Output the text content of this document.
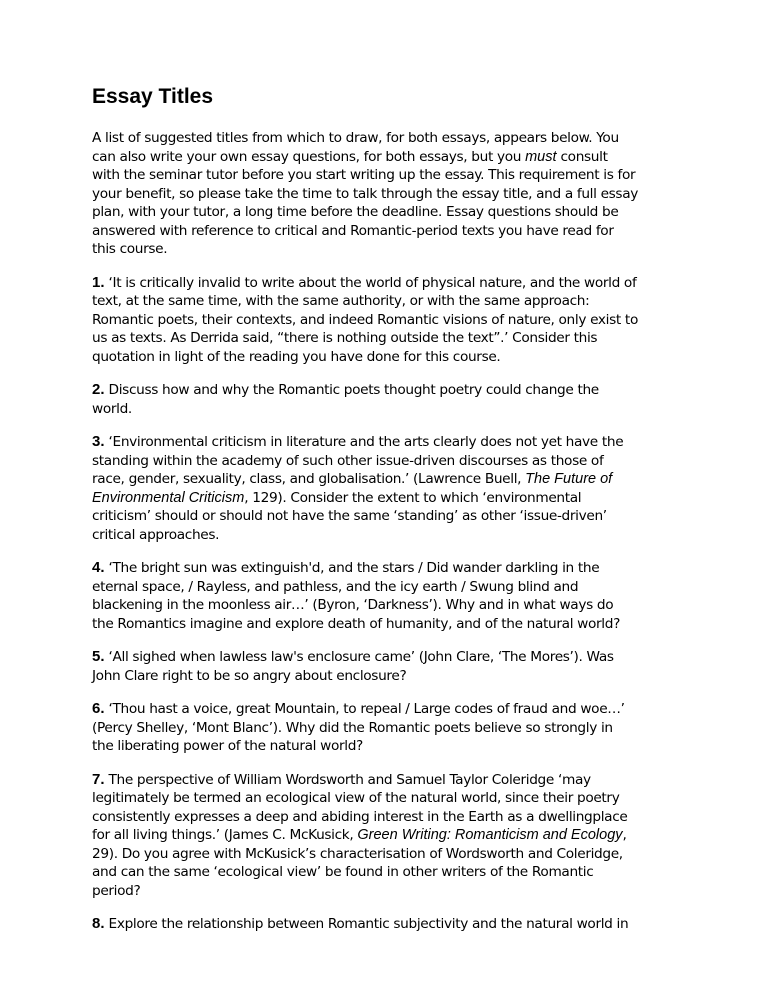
Essay Titles

A list of suggested titles from which to draw, for both essays, appears below. You can also write your own essay questions, for both essays, but you must consult with the seminar tutor before you start writing up the essay. This requirement is for your benefit, so please take the time to talk through the essay title, and a full essay plan, with your tutor, a long time before the deadline. Essay questions should be answered with reference to critical and Romantic-period texts you have read for this course.

1. ‘It is critically invalid to write about the world of physical nature, and the world of text, at the same time, with the same authority, or with the same approach: Romantic poets, their contexts, and indeed Romantic visions of nature, only exist to us as texts. As Derrida said, “there is nothing outside the text”.’ Consider this quotation in light of the reading you have done for this course.

2. Discuss how and why the Romantic poets thought poetry could change the world.

3. ‘Environmental criticism in literature and the arts clearly does not yet have the standing within the academy of such other issue-driven discourses as those of race, gender, sexuality, class, and globalisation.’ (Lawrence Buell, The Future of Environmental Criticism, 129). Consider the extent to which ‘environmental criticism’ should or should not have the same ‘standing’ as other ‘issue-driven’ critical approaches.

4. ‘The bright sun was extinguish'd, and the stars / Did wander darkling in the eternal space, / Rayless, and pathless, and the icy earth / Swung blind and blackening in the moonless air…’ (Byron, ‘Darkness’). Why and in what ways do the Romantics imagine and explore death of humanity, and of the natural world?

5. ‘All sighed when lawless law's enclosure came’ (John Clare, ‘The Mores’). Was John Clare right to be so angry about enclosure?

6. ‘Thou hast a voice, great Mountain, to repeal / Large codes of fraud and woe…’ (Percy Shelley, ‘Mont Blanc’). Why did the Romantic poets believe so strongly in the liberating power of the natural world?

7. The perspective of William Wordsworth and Samuel Taylor Coleridge ‘may legitimately be termed an ecological view of the natural world, since their poetry consistently expresses a deep and abiding interest in the Earth as a dwellingplace for all living things.’ (James C. McKusick, Green Writing: Romanticism and Ecology, 29). Do you agree with McKusick’s characterisation of Wordsworth and Coleridge, and can the same ‘ecological view’ be found in other writers of the Romantic period?

8. Explore the relationship between Romantic subjectivity and the natural world in
